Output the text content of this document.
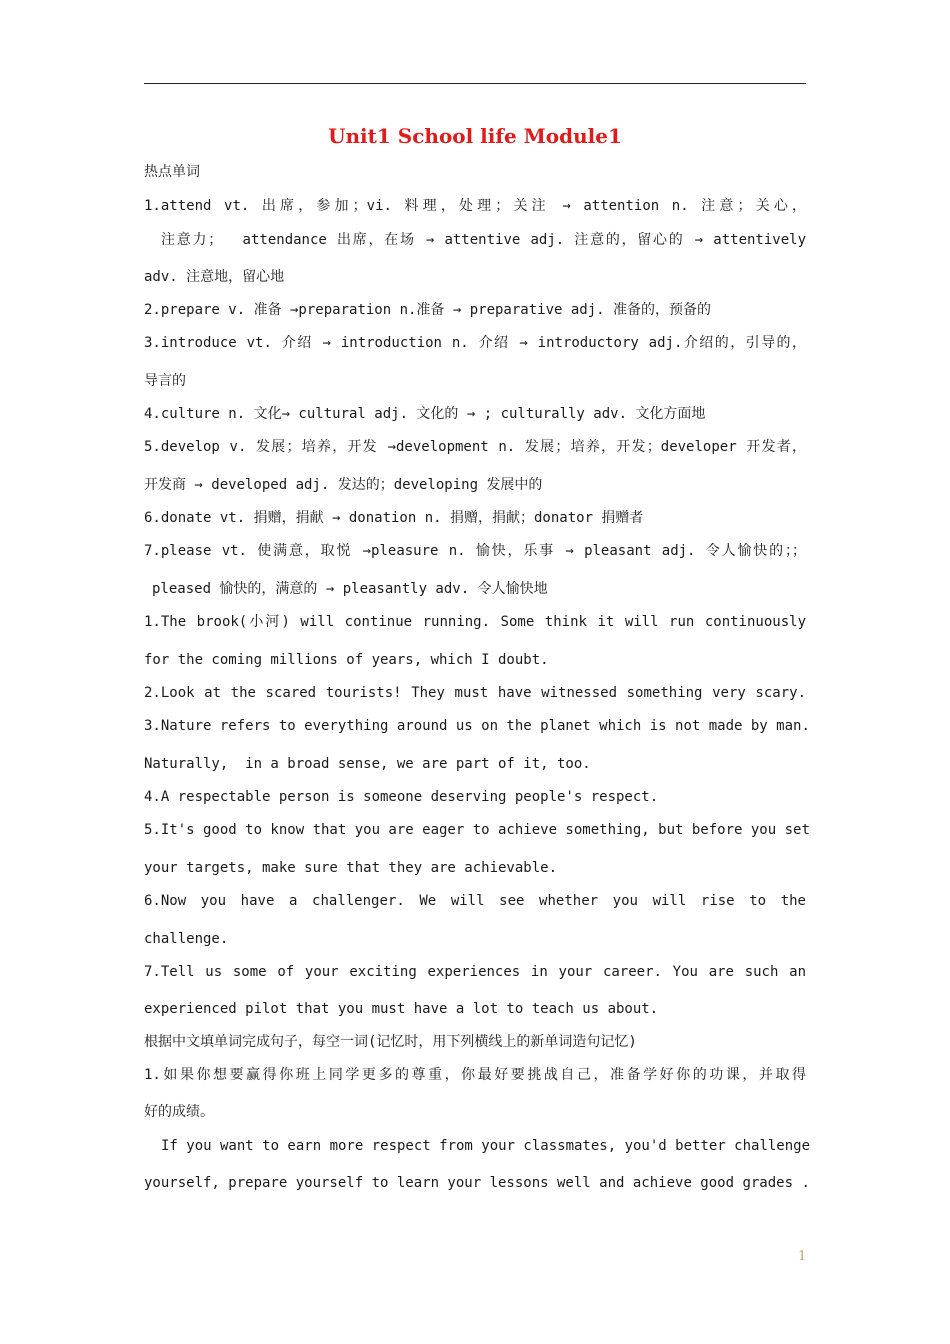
Unit1 School life Module1
热点单词
1.attend vt. 出席，参加；vi. 料理，处理；关注 → attention n. 注意；关心，
注意力；  attendance 出席，在场 → attentive adj. 注意的，留心的 → attentively
adv. 注意地，留心地
2.prepare v. 准备 →preparation n.准备 → preparative adj. 准备的，预备的
3.introduce vt. 介绍 → introduction n. 介绍 → introductory adj.介绍的，引导的，
导言的
4.culture n. 文化→ cultural adj. 文化的 → ; culturally adv. 文化方面地
5.develop v. 发展；培养，开发 →development n. 发展；培养，开发；developer 开发者，
开发商 → developed adj. 发达的；developing 发展中的
6.donate vt. 捐赠，捐献 → donation n. 捐赠，捐献；donator 捐赠者
7.please vt. 使满意，取悦 →pleasure n. 愉快，乐事 → pleasant adj. 令人愉快的；；
pleased 愉快的，满意的 → pleasantly adv. 令人愉快地
1.The brook(小河) will continue running. Some think it will run continuously
for the coming millions of years, which I doubt.
2.Look at the scared tourists! They must have witnessed something very scary.
3.Nature refers to everything around us on the planet which is not made by man.
Naturally,  in a broad sense, we are part of it, too.
4.A respectable person is someone deserving people's respect.
5.It's good to know that you are eager to achieve something, but before you set
your targets, make sure that they are achievable.
6.Now you have a challenger. We will see whether you will rise to the
challenge.
7.Tell us some of your exciting experiences in your career. You are such an
experienced pilot that you must have a lot to teach us about.
根据中文填单词完成句子，每空一词(记忆时，用下列横线上的新单词造句记忆)
1.如果你想要赢得你班上同学更多的尊重，你最好要挑战自己，准备学好你的功课，并取得
好的成绩。
If you want to earn more respect from your classmates, you'd better challenge
yourself, prepare yourself to learn your lessons well and achieve good grades .
1
